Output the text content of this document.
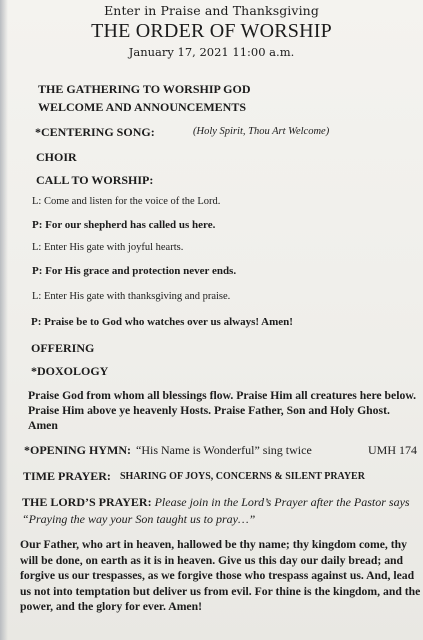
Enter in Praise and Thanksgiving
THE ORDER OF WORSHIP
January 17, 2021 11:00 a.m.
THE GATHERING TO WORSHIP GOD
WELCOME AND ANNOUNCEMENTS
*CENTERING SONG:	(Holy Spirit, Thou Art Welcome)
CHOIR
CALL TO WORSHIP:
L: Come and listen for the voice of the Lord.
P: For our shepherd has called us here.
L: Enter His gate with joyful hearts.
P: For His grace and protection never ends.
L: Enter His gate with thanksgiving and praise.
P: Praise be to God who watches over us always! Amen!
OFFERING
*DOXOLOGY
Praise God from whom all blessings flow. Praise Him all creatures here below. Praise Him above ye heavenly Hosts. Praise Father, Son and Holy Ghost. Amen
*OPENING HYMN: “His Name is Wonderful” sing twice	UMH 174
TIME PRAYER: SHARING OF JOYS, CONCERNS & SILENT PRAYER
THE LORD’S PRAYER: Please join in the Lord’s Prayer after the Pastor says “Praying the way your Son taught us to pray…”
Our Father, who art in heaven, hallowed be thy name; thy kingdom come, thy will be done, on earth as it is in heaven. Give us this day our daily bread; and forgive us our trespasses, as we forgive those who trespass against us. And, lead us not into temptation but deliver us from evil. For thine is the kingdom, and the power, and the glory for ever. Amen!
